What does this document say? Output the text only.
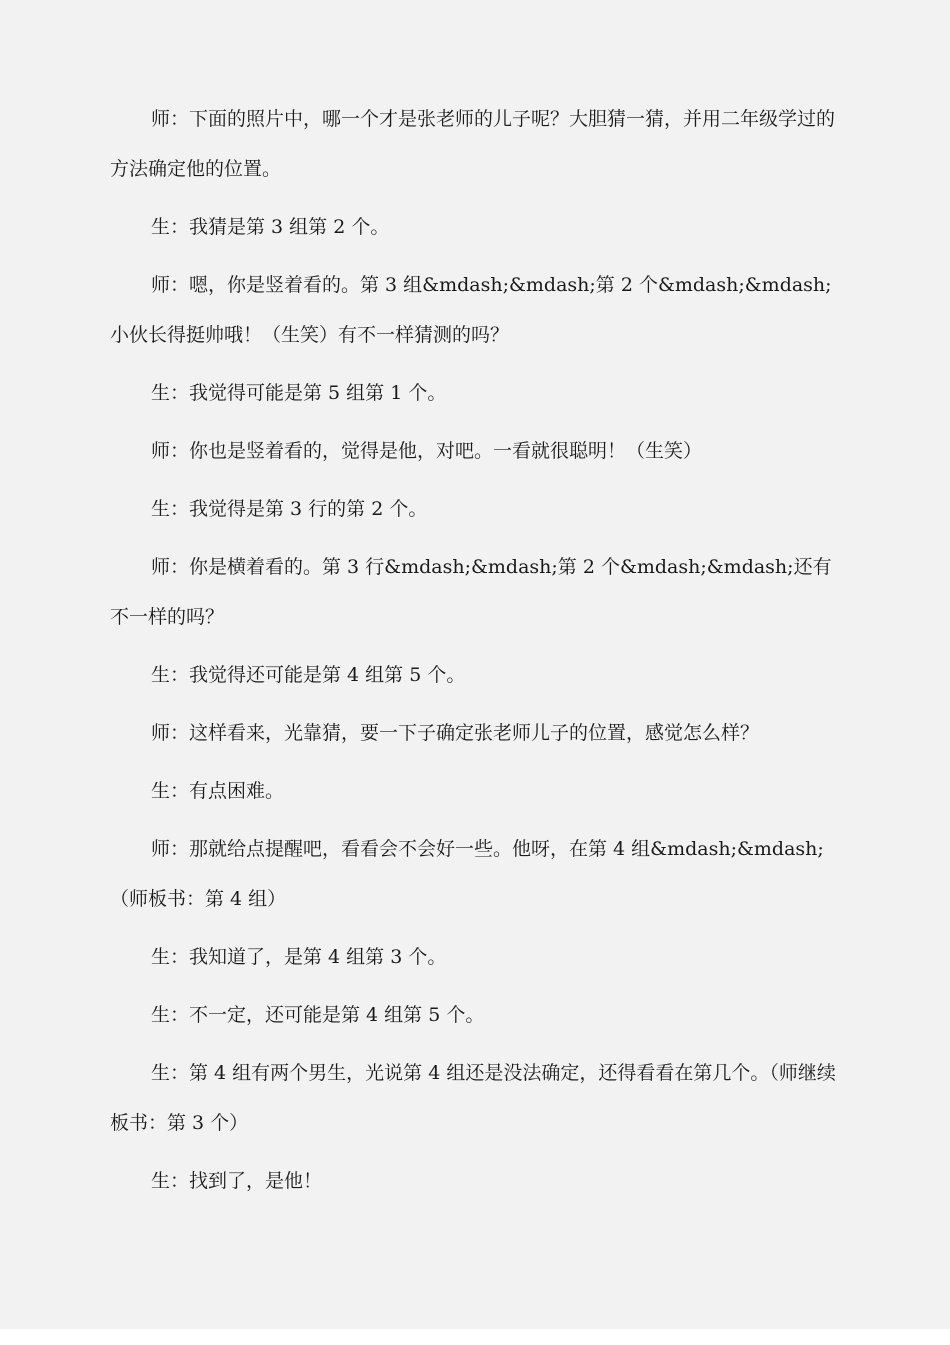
师：下面的照片中，哪一个才是张老师的儿子呢？大胆猜一猜，并用二年级学过的方法确定他的位置。

生：我猜是第 3 组第 2 个。

师：嗯，你是竖着看的。第 3 组&mdash;&mdash;第 2 个&mdash;&mdash;小伙长得挺帅哦！（生笑）有不一样猜测的吗？

生：我觉得可能是第 5 组第 1 个。

师：你也是竖着看的，觉得是他，对吧。一看就很聪明！（生笑）

生：我觉得是第 3 行的第 2 个。

师：你是横着看的。第 3 行&mdash;&mdash;第 2 个&mdash;&mdash;还有不一样的吗？

生：我觉得还可能是第 4 组第 5 个。

师：这样看来，光靠猜，要一下子确定张老师儿子的位置，感觉怎么样？

生：有点困难。

师：那就给点提醒吧，看看会不会好一些。他呀，在第 4 组&mdash;&mdash;（师板书：第 4 组）

生：我知道了，是第 4 组第 3 个。

生：不一定，还可能是第 4 组第 5 个。

生：第 4 组有两个男生，光说第 4 组还是没法确定，还得看看在第几个。（师继续板书：第 3 个）

生：找到了，是他！
